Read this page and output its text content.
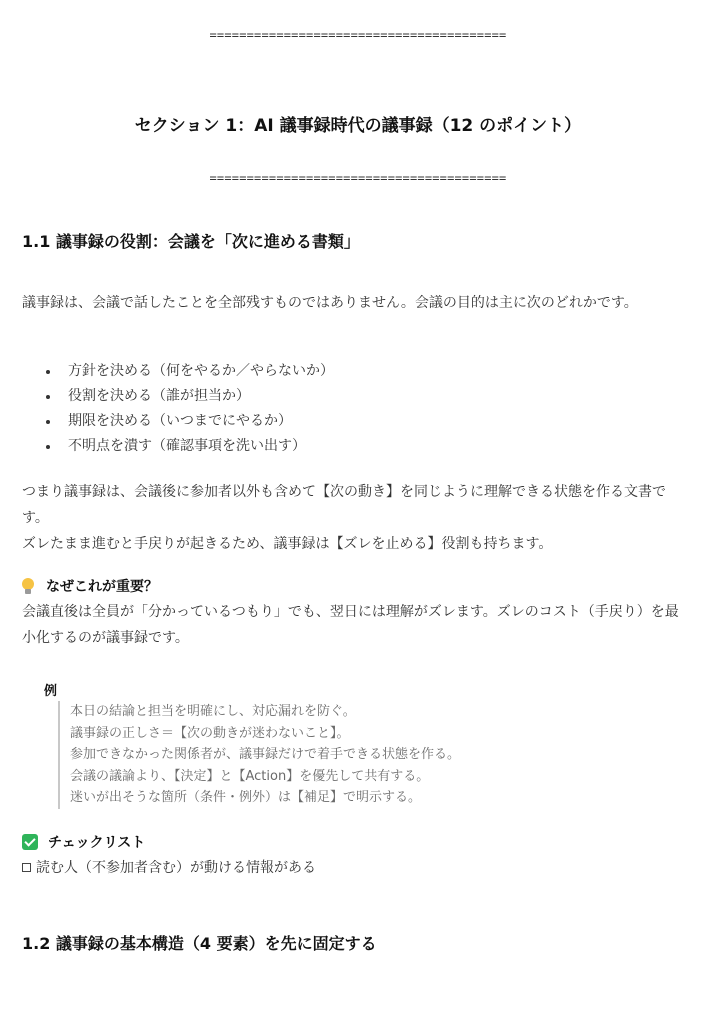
========================================
セクション 1：AI 議事録時代の議事録（12 のポイント）
========================================
1.1 議事録の役割：会議を「次に進める書類」

議事録は、会議で話したことを全部残すものではありません。会議の目的は主に次のどれかです。

方針を決める（何をやるか／やらないか）
役割を決める（誰が担当か）
期限を決める（いつまでにやるか）
不明点を潰す（確認事項を洗い出す）

つまり議事録は、会議後に参加者以外も含めて【次の動き】を同じように理解できる状態を作る文書です。

ズレたまま進むと手戻りが起きるため、議事録は【ズレを止める】役割も持ちます。

なぜこれが重要？

会議直後は全員が「分かっているつもり」でも、翌日には理解がズレます。ズレのコスト（手戻り）を最小化するのが議事録です。

例
本日の結論と担当を明確にし、対応漏れを防ぐ。
議事録の正しさ＝【次の動きが迷わないこと】。
参加できなかった関係者が、議事録だけで着手できる状態を作る。
会議の議論より、【決定】と【Action】を優先して共有する。
迷いが出そうな箇所（条件・例外）は【補足】で明示する。
チェックリスト
読む人（不参加者含む）が動ける情報がある
1.2 議事録の基本構造（4 要素）を先に固定する
